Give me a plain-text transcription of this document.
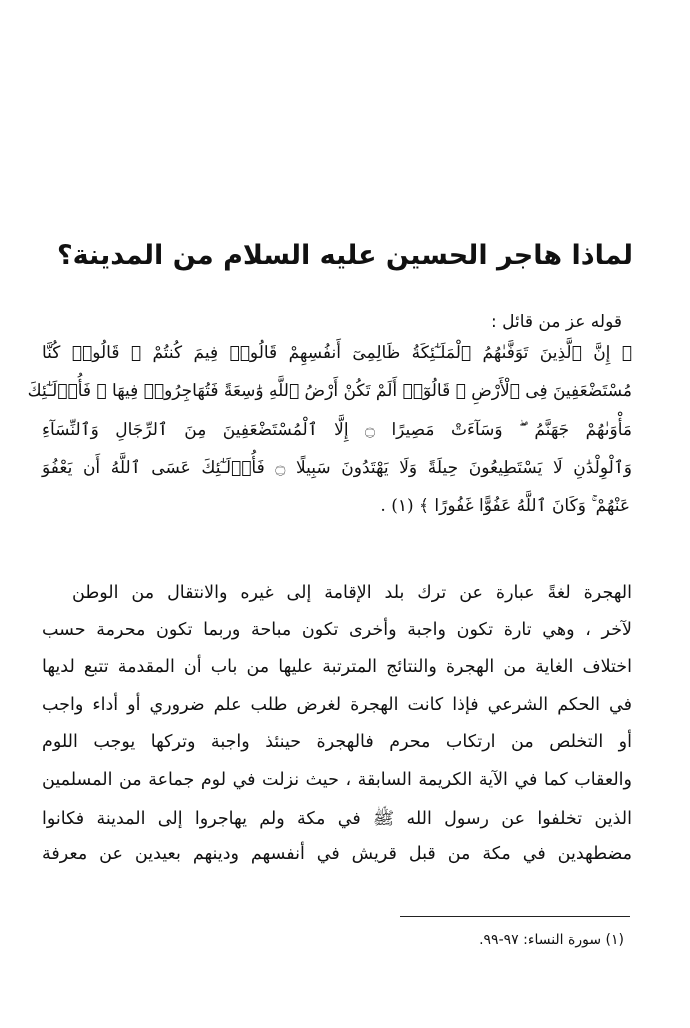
لماذا هاجر الحسين عليه السلام من المدينة؟
قوله عز من قائل :
﴿ إِنَّ ٱلَّذِينَ تَوَفَّىٰهُمُ ٱلْمَلَـٰٓئِكَةُ ظَالِمِىٓ أَنفُسِهِمْ قَالُوا۟ فِيمَ كُنتُمْ ۖ قَالُوا۟ كُنَّا
مُسْتَضْعَفِينَ فِى ٱلْأَرْضِ ۚ قَالُوٓا۟ أَلَمْ تَكُنْ أَرْضُ ٱللَّهِ وَٰسِعَةً فَتُهَاجِرُوا۟ فِيهَا ۚ فَأُو۟لَـٰٓئِكَ
مَأْوَىٰهُمْ جَهَنَّمُ ۖ وَسَآءَتْ مَصِيرًا ۝ إِلَّا ٱلْمُسْتَضْعَفِينَ مِنَ ٱلرِّجَالِ وَٱلنِّسَآءِ
وَٱلْوِلْدَٰنِ لَا يَسْتَطِيعُونَ حِيلَةً وَلَا يَهْتَدُونَ سَبِيلًا ۝ فَأُو۟لَـٰٓئِكَ عَسَى ٱللَّهُ أَن يَعْفُوَ
عَنْهُمْ ۚ وَكَانَ ٱللَّهُ عَفُوًّا غَفُورًا ﴾ (١) .
الهجرة لغةً عبارة عن ترك بلد الإقامة إلى غيره والانتقال من الوطن
لآخر ، وهي تارة تكون واجبة وأخرى تكون مباحة وربما تكون محرمة حسب
اختلاف الغاية من الهجرة والنتائج المترتبة عليها من باب أن المقدمة تتبع لديها
في الحكم الشرعي فإذا كانت الهجرة لغرض طلب علم ضروري أو أداء واجب
أو التخلص من ارتكاب محرم فالهجرة حينئذ واجبة وتركها يوجب اللوم
والعقاب كما في الآية الكريمة السابقة ، حيث نزلت في لوم جماعة من المسلمين
الذين تخلفوا عن رسول الله ﷺ في مكة ولم يهاجروا إلى المدينة فكانوا
مضطهدين في مكة من قبل قريش في أنفسهم ودينهم بعيدين عن معرفة
(١) سورة النساء: ٩٧-٩٩.
